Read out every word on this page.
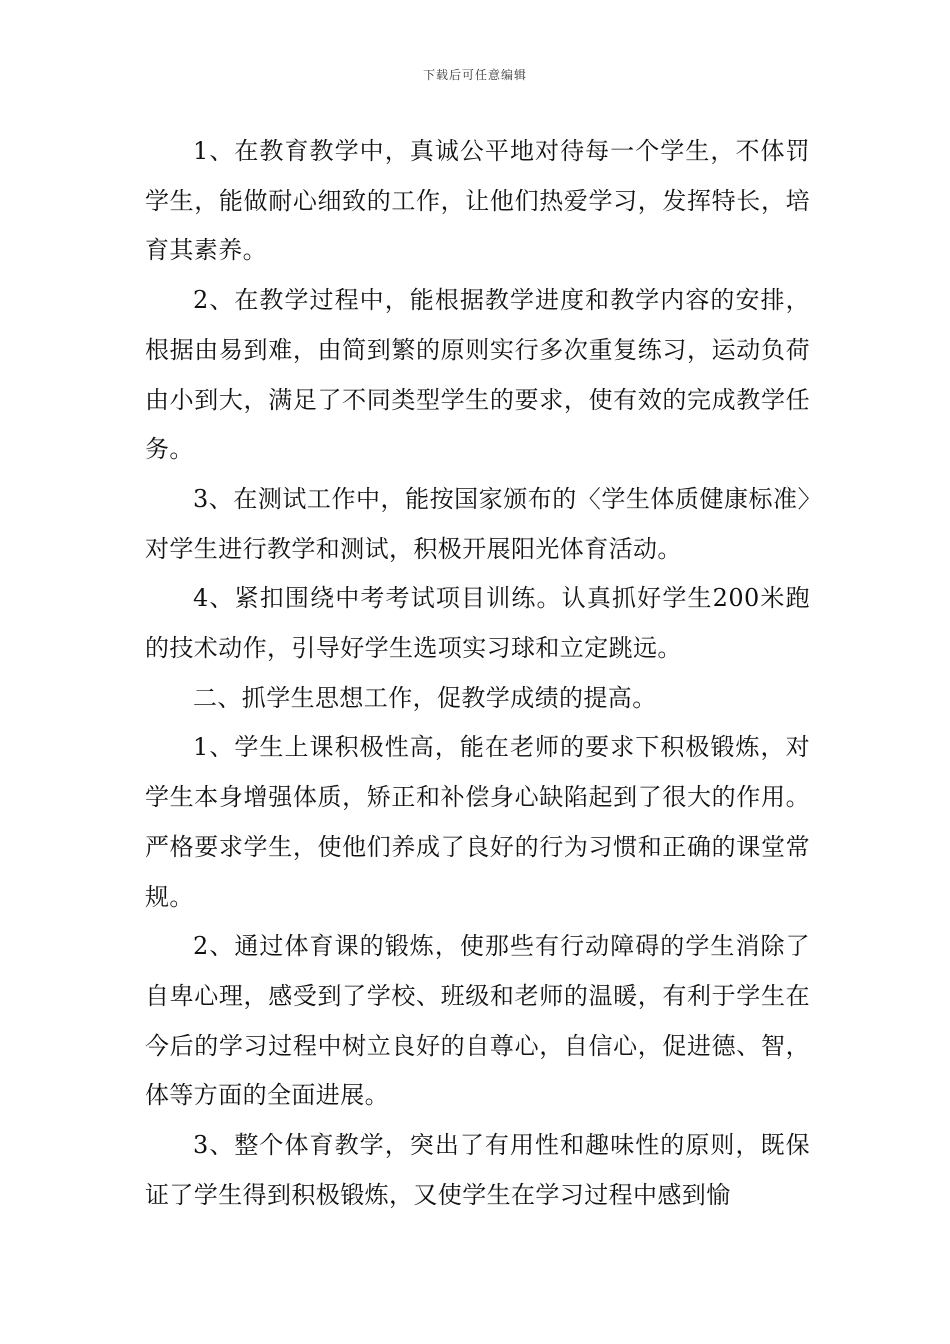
下载后可任意编辑

1、在教育教学中，真诚公平地对待每一个学生，不体罚学生，能做耐心细致的工作，让他们热爱学习，发挥特长，培育其素养。

2、在教学过程中，能根据教学进度和教学内容的安排，根据由易到难，由简到繁的原则实行多次重复练习，运动负荷由小到大，满足了不同类型学生的要求，使有效的完成教学任务。

3、在测试工作中，能按国家颁布的〈学生体质健康标准〉对学生进行教学和测试，积极开展阳光体育活动。

4、紧扣围绕中考考试项目训练。认真抓好学生200米跑的技术动作，引导好学生选项实习球和立定跳远。

二、抓学生思想工作，促教学成绩的提高。

1、学生上课积极性高，能在老师的要求下积极锻炼，对学生本身增强体质，矫正和补偿身心缺陷起到了很大的作用。严格要求学生，使他们养成了良好的行为习惯和正确的课堂常规。

2、通过体育课的锻炼，使那些有行动障碍的学生消除了自卑心理，感受到了学校、班级和老师的温暖，有利于学生在今后的学习过程中树立良好的自尊心，自信心，促进德、智，体等方面的全面进展。

3、整个体育教学，突出了有用性和趣味性的原则，既保证了学生得到积极锻炼，又使学生在学习过程中感到愉
